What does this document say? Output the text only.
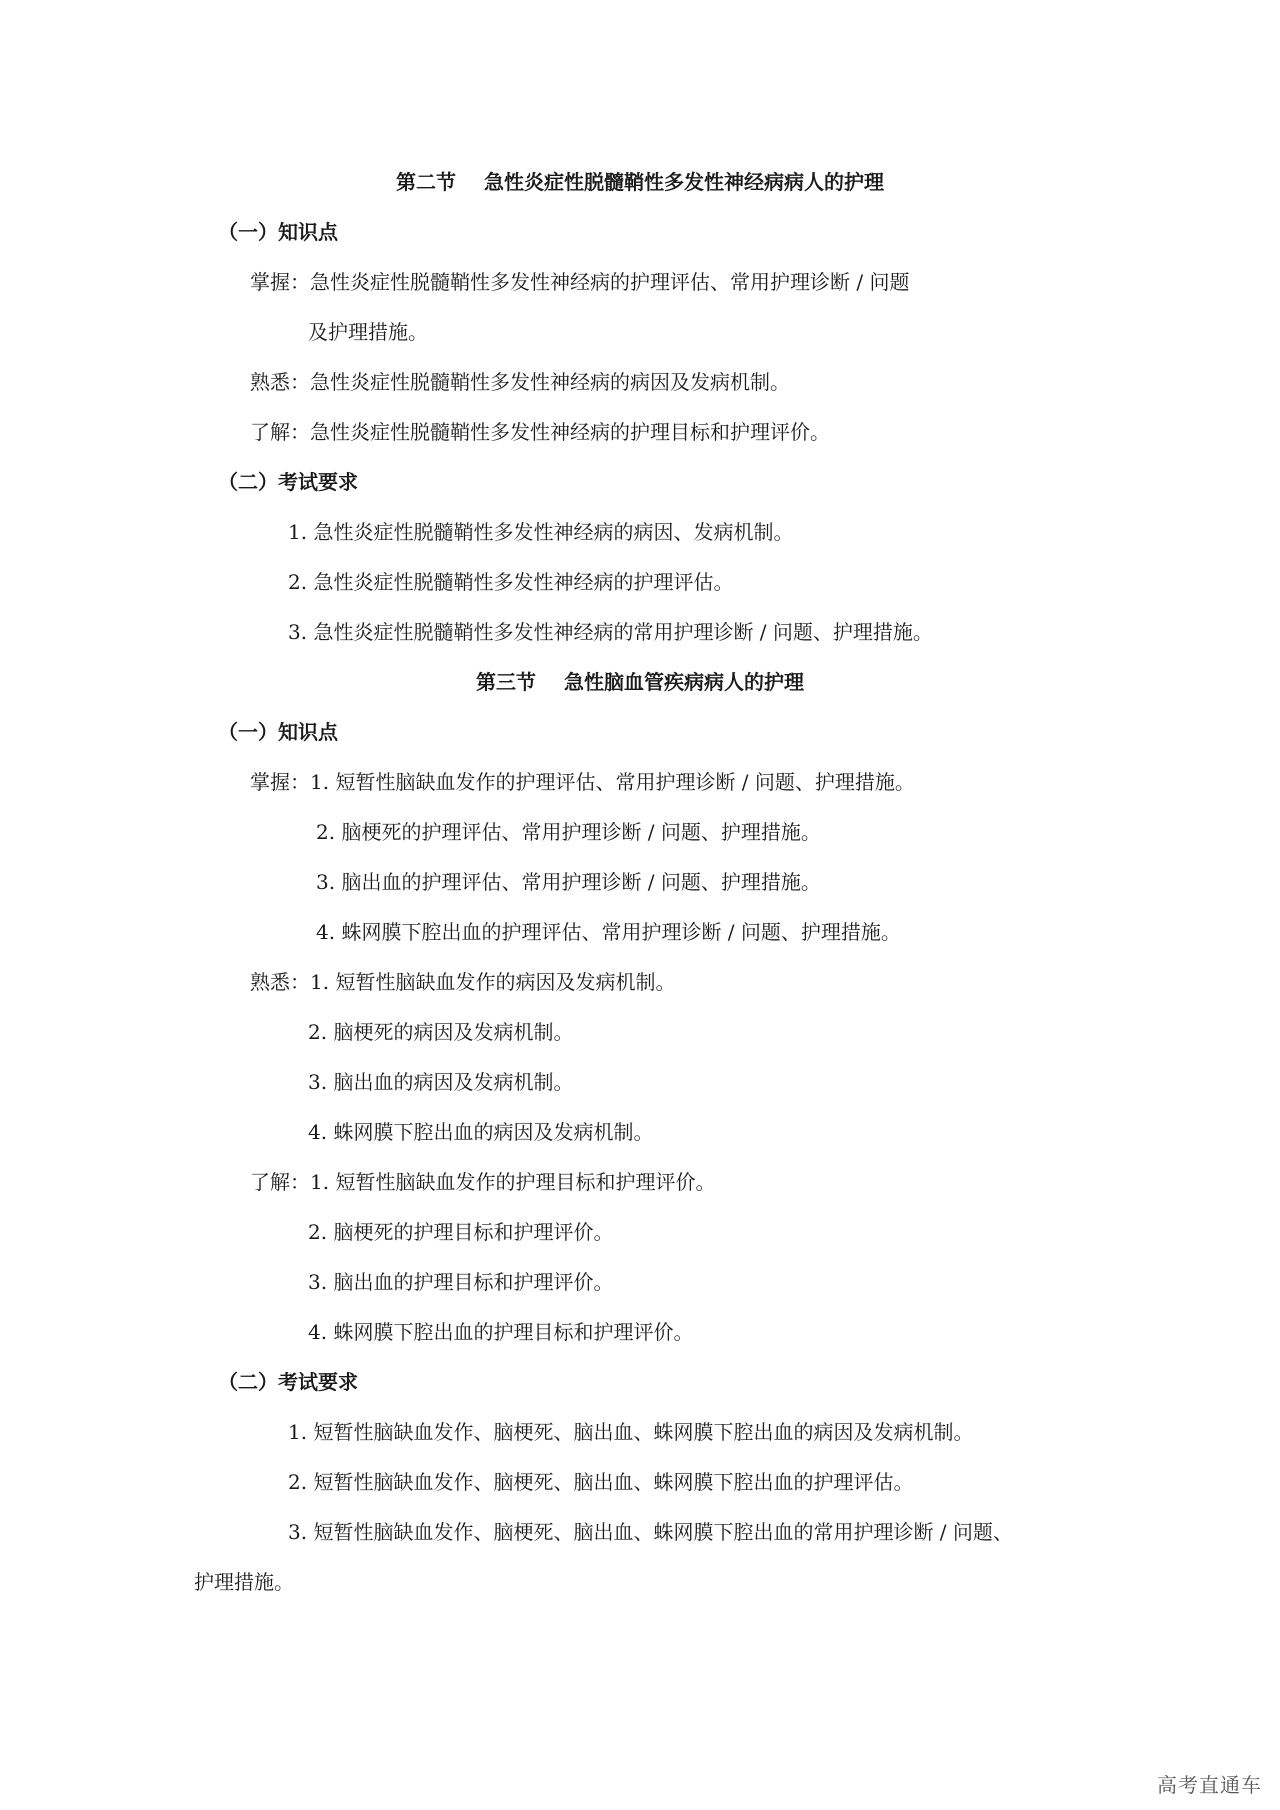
第二节 急性炎症性脱髓鞘性多发性神经病病人的护理
（一）知识点
掌握：急性炎症性脱髓鞘性多发性神经病的护理评估、常用护理诊断 / 问题
及护理措施。
熟悉：急性炎症性脱髓鞘性多发性神经病的病因及发病机制。
了解：急性炎症性脱髓鞘性多发性神经病的护理目标和护理评价。
（二）考试要求
1. 急性炎症性脱髓鞘性多发性神经病的病因、发病机制。
2. 急性炎症性脱髓鞘性多发性神经病的护理评估。
3. 急性炎症性脱髓鞘性多发性神经病的常用护理诊断 / 问题、护理措施。
第三节 急性脑血管疾病病人的护理
（一）知识点
掌握：1. 短暂性脑缺血发作的护理评估、常用护理诊断 / 问题、护理措施。
2. 脑梗死的护理评估、常用护理诊断 / 问题、护理措施。
3. 脑出血的护理评估、常用护理诊断 / 问题、护理措施。
4. 蛛网膜下腔出血的护理评估、常用护理诊断 / 问题、护理措施。
熟悉：1. 短暂性脑缺血发作的病因及发病机制。
2. 脑梗死的病因及发病机制。
3. 脑出血的病因及发病机制。
4. 蛛网膜下腔出血的病因及发病机制。
了解：1. 短暂性脑缺血发作的护理目标和护理评价。
2. 脑梗死的护理目标和护理评价。
3. 脑出血的护理目标和护理评价。
4. 蛛网膜下腔出血的护理目标和护理评价。
（二）考试要求
1. 短暂性脑缺血发作、脑梗死、脑出血、蛛网膜下腔出血的病因及发病机制。
2. 短暂性脑缺血发作、脑梗死、脑出血、蛛网膜下腔出血的护理评估。
3. 短暂性脑缺血发作、脑梗死、脑出血、蛛网膜下腔出血的常用护理诊断 / 问题、
护理措施。
高考直通车
